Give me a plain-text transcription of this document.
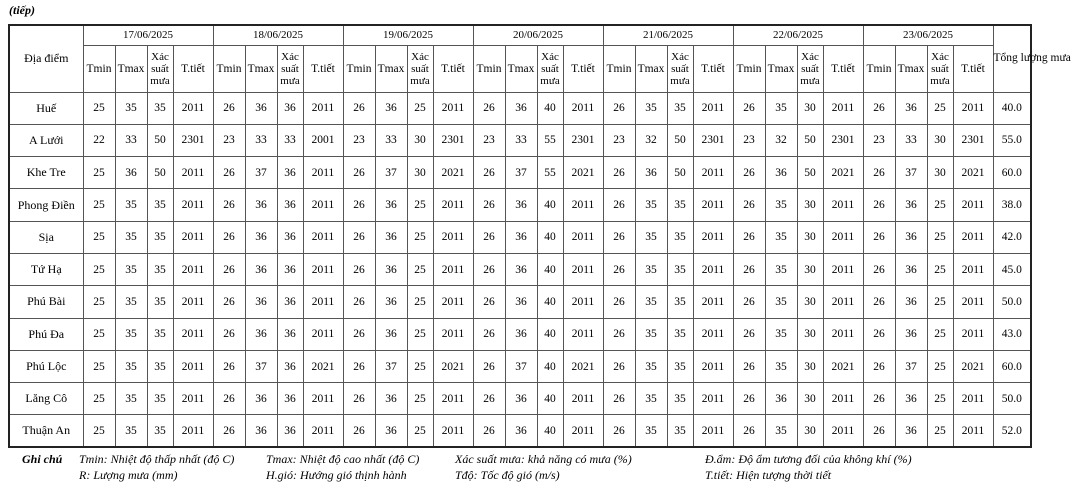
(tiếp)
Địa điểm	17/06/2025				18/06/2025				19/06/2025				20/06/2025				21/06/2025				22/06/2025				23/06/2025				Tổng lượng mưa
	Tmin	Tmax	Xác suất mưa	T.tiết	Tmin	Tmax	Xác suất mưa	T.tiết	Tmin	Tmax	Xác suất mưa	T.tiết	Tmin	Tmax	Xác suất mưa	T.tiết	Tmin	Tmax	Xác suất mưa	T.tiết	Tmin	Tmax	Xác suất mưa	T.tiết	Tmin	Tmax	Xác suất mưa	T.tiết	
Huế	25	35	35	2011	26	36	36	2011	26	36	25	2011	26	36	40	2011	26	35	35	2011	26	35	30	2011	26	36	25	2011	40.0
A Lưới	22	33	50	2301	23	33	33	2001	23	33	30	2301	23	33	55	2301	23	32	50	2301	23	32	50	2301	23	33	30	2301	55.0
Khe Tre	25	36	50	2011	26	37	36	2011	26	37	30	2021	26	37	55	2021	26	36	50	2011	26	36	50	2021	26	37	30	2021	60.0
Phong Điền	25	35	35	2011	26	36	36	2011	26	36	25	2011	26	36	40	2011	26	35	35	2011	26	35	30	2011	26	36	25	2011	38.0
Sịa	25	35	35	2011	26	36	36	2011	26	36	25	2011	26	36	40	2011	26	35	35	2011	26	35	30	2011	26	36	25	2011	42.0
Tứ Hạ	25	35	35	2011	26	36	36	2011	26	36	25	2011	26	36	40	2011	26	35	35	2011	26	35	30	2011	26	36	25	2011	45.0
Phú Bài	25	35	35	2011	26	36	36	2011	26	36	25	2011	26	36	40	2011	26	35	35	2011	26	35	30	2011	26	36	25	2011	50.0
Phú Đa	25	35	35	2011	26	36	36	2011	26	36	25	2011	26	36	40	2011	26	35	35	2011	26	35	30	2011	26	36	25	2011	43.0
Phú Lộc	25	35	35	2011	26	37	36	2021	26	37	25	2021	26	37	40	2021	26	35	35	2011	26	35	30	2021	26	37	25	2021	60.0
Lăng Cô	25	35	35	2011	26	36	36	2011	26	36	25	2011	26	36	40	2011	26	35	35	2011	26	36	30	2011	26	36	25	2011	50.0
Thuận An	25	35	35	2011	26	36	36	2011	26	36	25	2011	26	36	40	2011	26	35	35	2011	26	35	30	2011	26	36	25	2011	52.0
Ghi chú Tmin: Nhiệt độ thấp nhất (độ C)	Tmax: Nhiệt độ cao nhất (độ C)	Xác suất mưa: khả năng có mưa (%)	Đ.ẩm: Độ ẩm tương đối của không khí (%)
R: Lượng mưa (mm)	H.gió: Hướng gió thịnh hành	Tđộ: Tốc độ gió (m/s)	T.tiết: Hiện tượng thời tiết
